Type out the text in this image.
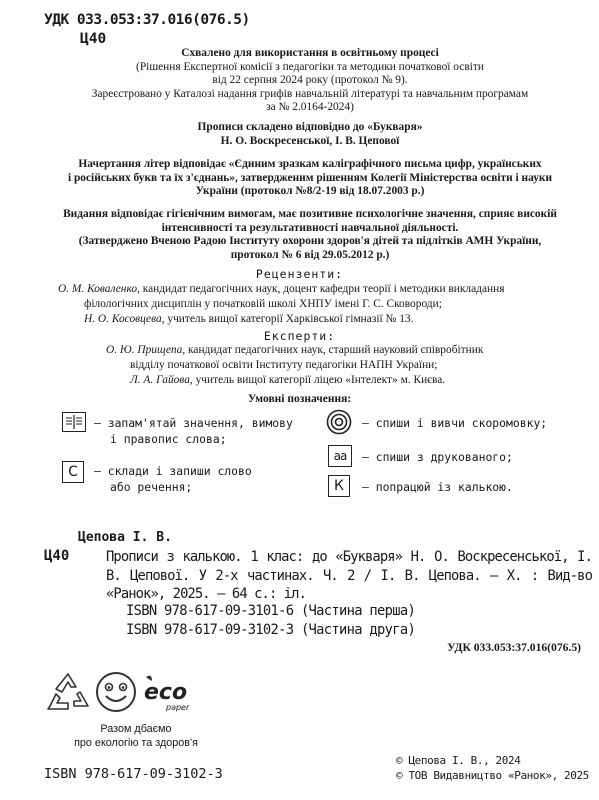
УДК 033.053:37.016(076.5)
Ц40
Схвалено для використання в освітньому процесі
(Рішення Експертної комісії з педагогіки та методики початкової освіти
від 22 серпня 2024 року (протокол № 9).
Зареєстровано у Каталозі надання грифів навчальній літературі та навчальним програмам
за № 2.0164-2024)
Прописи складено відповідно до «Букваря»
Н. О. Воскресенської, І. В. Цепової
Начертання літер відповідає «Єдиним зразкам каліграфічного письма цифр, українських
і російських букв та їх з'єднань», затвердженим рішенням Колегії Міністерства освіти і науки
України (протокол №8/2-19 від 18.07.2003 р.)
Видання відповідає гігієнічним вимогам, має позитивне психологічне значення, сприяє високій
інтенсивності та результативності навчальної діяльності.
(Затверджено Вченою Радою Інституту охорони здоров'я дітей та підлітків АМН України,
протокол № 6 від 29.05.2012 р.)
Рецензенти:

О. М. Коваленко, кандидат педагогічних наук, доцент кафедри теорії і методики викладання

філологічних дисциплін у початковій школі ХНПУ імені Г. С. Сковороди;

Н. О. Косовцева, учитель вищої категорії Харківської гімназії № 13.

Експерти:

О. Ю. Прищепа, кандидат педагогічних наук, старший науковий співробітник

відділу початкової освіти Інституту педагогіки НАПН України;

Л. А. Гайова, учитель вищої категорії ліцею «Інтелект» м. Києва.

Умовні позначення:
— запам'ятай значення, вимову
і правопис слова;
С — склади і запиши слово
або речення;
— спиши і вивчи скоромовку;
аа — спиши з друкованого;
К — попрацюй із калькою.
Цепова І. В.
Ц40	Прописи з калькою. 1 клас: до «Букваря» Н. О. Воскресенської, І. В. Цепової. У 2-х частинах. Ч. 2 / І. В. Цепова. — Х. : Вид-во «Ранок», 2025. — 64 с.: іл.
ISBN 978-617-09-3101-6 (Частина перша)
ISBN 978-617-09-3102-3 (Частина друга)
УДК 033.053:37.016(076.5)
eco
paper
Разом дбаємо
про екологію та здоров'я
ISBN 978-617-09-3102-3
© Цепова І. В., 2024
© ТОВ Видавництво «Ранок», 2025
